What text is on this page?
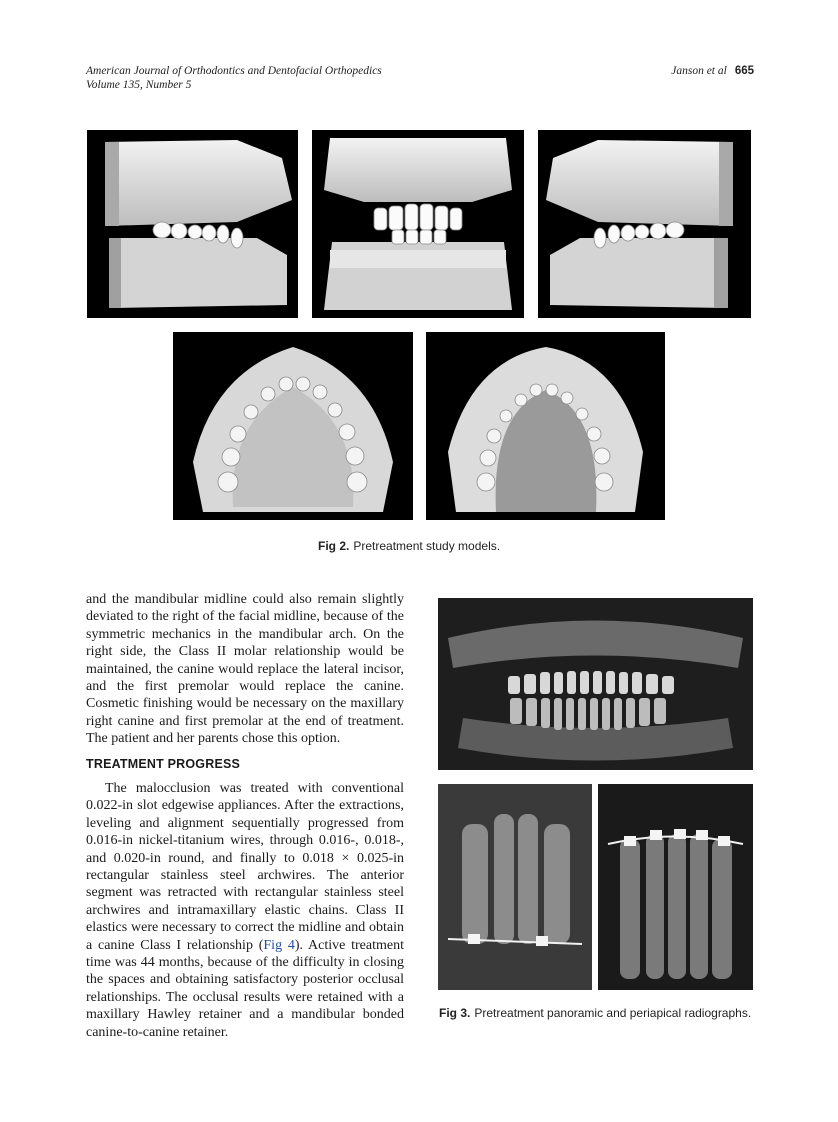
American Journal of Orthodontics and Dentofacial Orthopedics
Volume 135, Number 5
Janson et al 665
Fig 2. Pretreatment study models.

and the mandibular midline could also remain slightly deviated to the right of the facial midline, because of the symmetric mechanics in the mandibular arch. On the right side, the Class II molar relationship would be maintained, the canine would replace the lateral incisor, and the first premolar would replace the canine. Cosmetic finishing would be necessary on the maxillary right canine and first premolar at the end of treatment. The patient and her parents chose this option.

TREATMENT PROGRESS

The malocclusion was treated with conventional 0.022-in slot edgewise appliances. After the extractions, leveling and alignment sequentially progressed from 0.016-in nickel-titanium wires, through 0.016-, 0.018-, and 0.020-in round, and finally to 0.018 × 0.025-in rectangular stainless steel archwires. The anterior segment was retracted with rectangular stainless steel archwires and intramaxillary elastic chains. Class II elastics were necessary to correct the midline and obtain a canine Class I relationship (Fig 4). Active treatment time was 44 months, because of the difficulty in closing the spaces and obtaining satisfactory posterior occlusal relationships. The occlusal results were retained with a maxillary Hawley retainer and a mandibular bonded canine-to-canine retainer.

Fig 3. Pretreatment panoramic and periapical radiographs.
